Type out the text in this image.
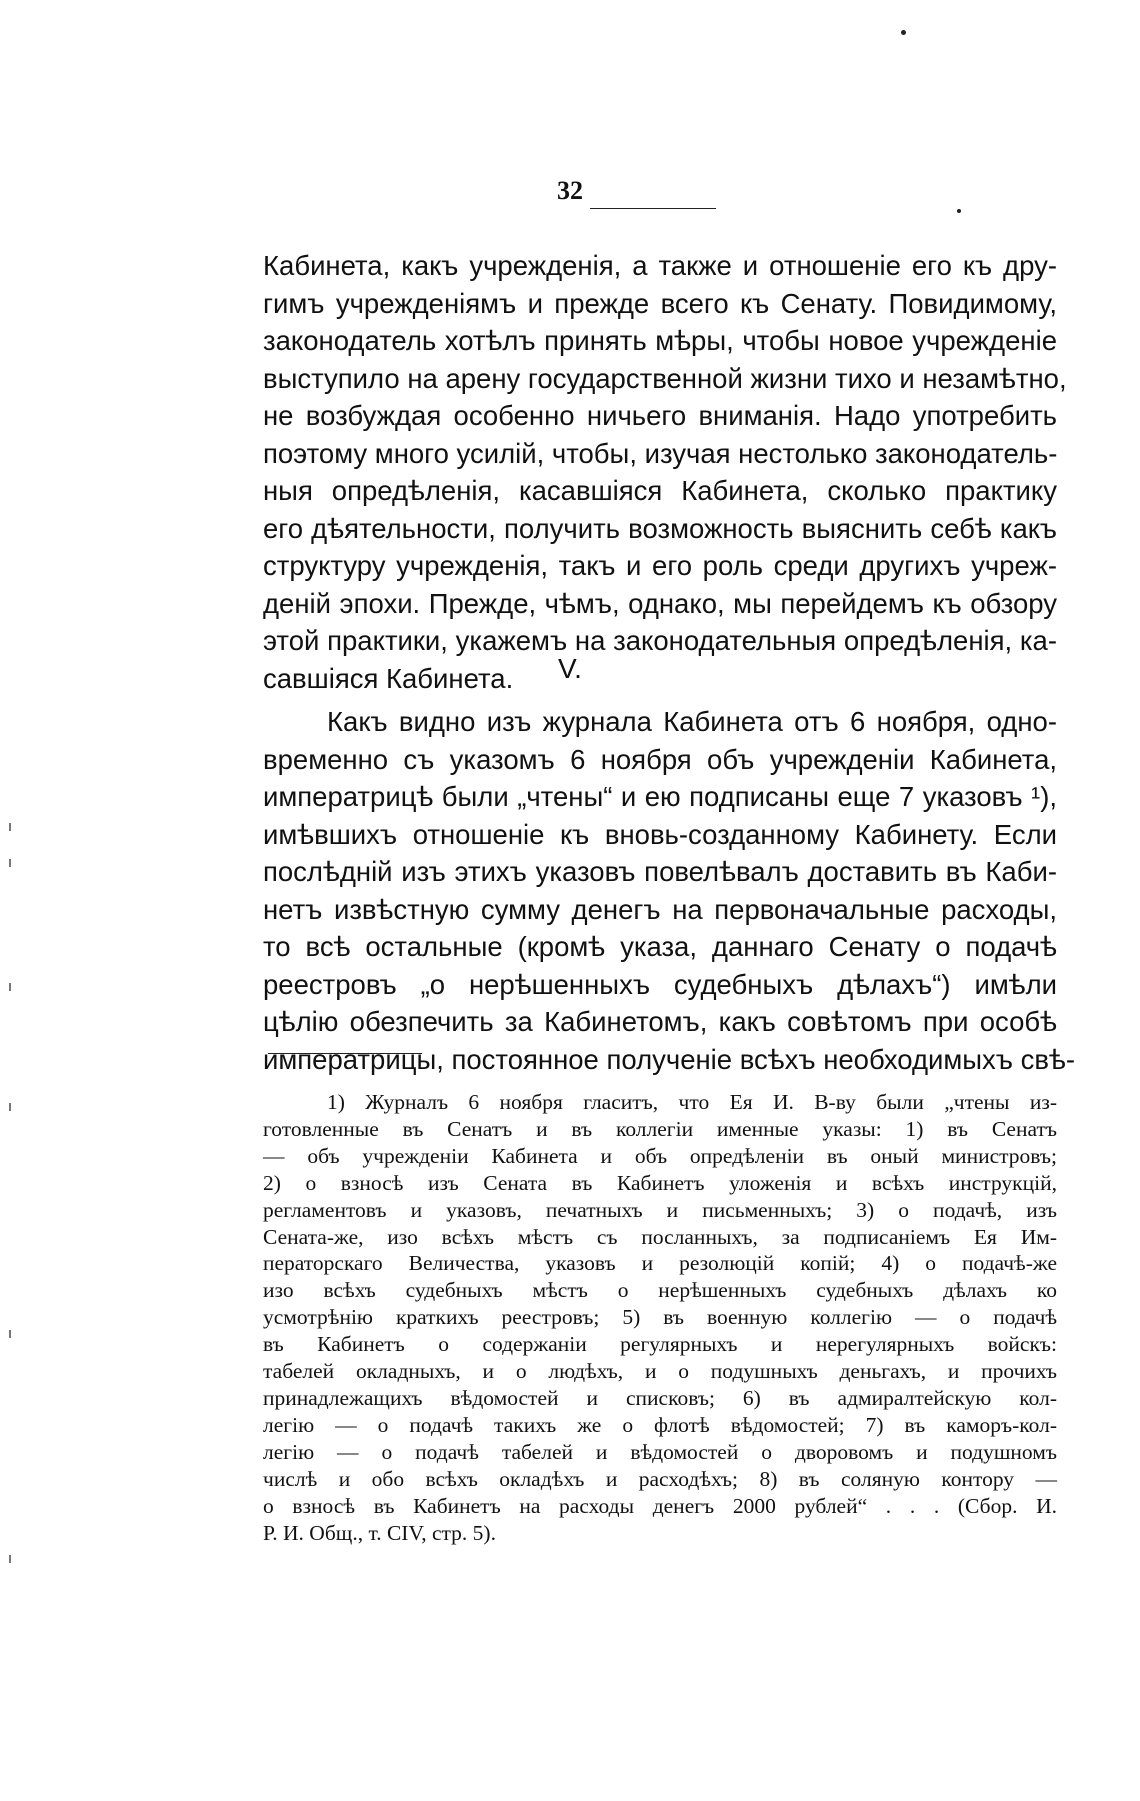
32
Кабинета, какъ учрежденія, а также и отношеніе его къ дру-
гимъ учрежденіямъ и прежде всего къ Сенату. Повидимому,
законодатель хотѣлъ принять мѣры, чтобы новое учрежденіе
выступило на арену государственной жизни тихо и незамѣтно,
не возбуждая особенно ничьего вниманія. Надо употребить
поэтому много усилій, чтобы, изучая нестолько законодатель-
ныя опредѣленія, касавшіяся Кабинета, сколько практику
его дѣятельности, получить возможность выяснить себѣ какъ
структуру учрежденія, такъ и его роль среди другихъ учреж-
деній эпохи. Прежде, чѣмъ, однако, мы перейдемъ къ обзору
этой практики, укажемъ на законодательныя опредѣленія, ка-
савшіяся Кабинета.	V.
Какъ видно изъ журнала Кабинета отъ 6 ноября, одно-
временно съ указомъ 6 ноября объ учрежденіи Кабинета,
императрицѣ были „чтены“ и ею подписаны еще 7 указовъ ¹),
имѣвшихъ отношеніе къ вновь-созданному Кабинету. Если
послѣдній изъ этихъ указовъ повелѣвалъ доставить въ Каби-
нетъ извѣстную сумму денегъ на первоначальные расходы,
то всѣ остальные (кромѣ указа, даннаго Сенату о подачѣ
реестровъ „о нерѣшенныхъ судебныхъ дѣлахъ“) имѣли
цѣлію обезпечить за Кабинетомъ, какъ совѣтомъ при особѣ
императрицы, постоянное полученіе всѣхъ необходимыхъ свѣ-
1) Журналъ 6 ноября гласитъ, что Ея И. В-ву были „чтены из-
готовленные въ Сенатъ и въ коллегіи именные указы: 1) въ Сенатъ
— объ учрежденіи Кабинета и объ опредѣленіи въ оный министровъ;
2) о взносѣ изъ Сената въ Кабинетъ уложенія и всѣхъ инструкцій,
регламентовъ и указовъ, печатныхъ и письменныхъ; 3) о подачѣ, изъ
Сената-же, изо всѣхъ мѣстъ съ посланныхъ, за подписаніемъ Ея Им-
ператорскаго Величества, указовъ и резолюцій копій; 4) о подачѣ-же
изо всѣхъ судебныхъ мѣстъ о нерѣшенныхъ судебныхъ дѣлахъ ко
усмотрѣнію краткихъ реестровъ; 5) въ военную коллегію — о подачѣ
въ Кабинетъ о содержаніи регулярныхъ и нерегулярныхъ войскъ:
табелей окладныхъ, и о людѣхъ, и о подушныхъ деньгахъ, и прочихъ
принадлежащихъ вѣдомостей и списковъ; 6) въ адмиралтейскую кол-
легію — о подачѣ такихъ же о флотѣ вѣдомостей; 7) въ каморъ-кол-
легію — о подачѣ табелей и вѣдомостей о дворовомъ и подушномъ
числѣ и обо всѣхъ окладѣхъ и расходѣхъ; 8) въ соляную контору —
о взносѣ въ Кабинетъ на расходы денегъ 2000 рублей“ . . . (Сбор. И.
Р. И. Общ., т. CIV, стр. 5).
